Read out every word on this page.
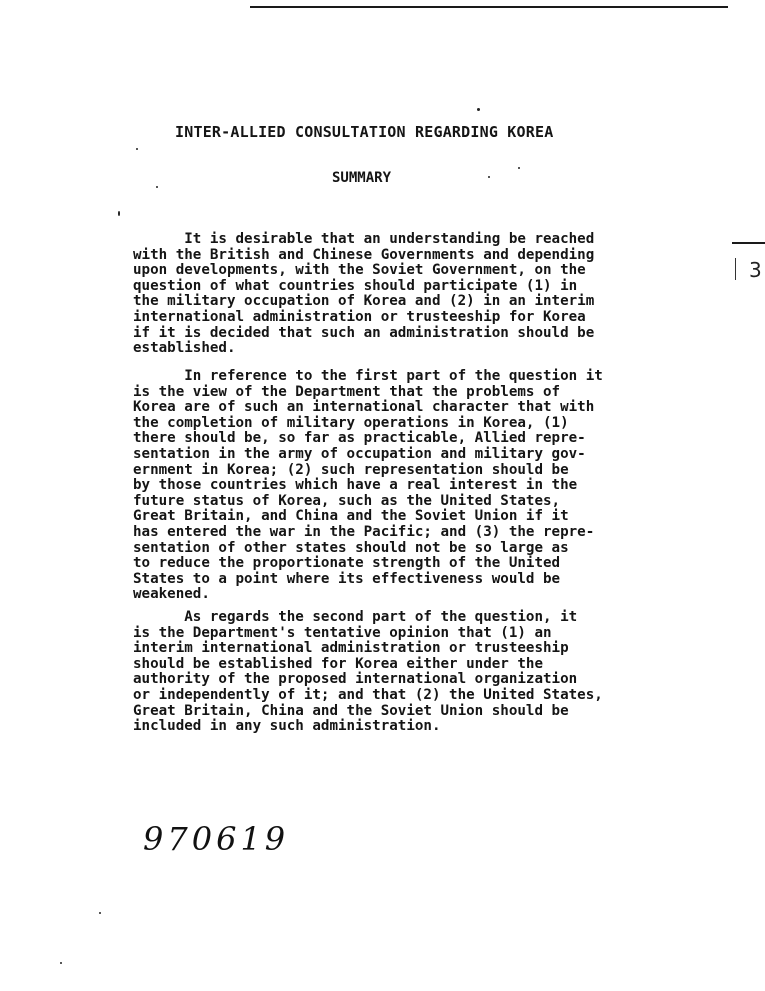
3
INTER-ALLIED CONSULTATION REGARDING KOREA
SUMMARY
It is desirable that an understanding be reached
with the British and Chinese Governments and depending
upon developments, with the Soviet Government, on the
question of what countries should participate (1) in
the military occupation of Korea and (2) in an interim
international administration or trusteeship for Korea
if it is decided that such an administration should be
established.
In reference to the first part of the question it
is the view of the Department that the problems of
Korea are of such an international character that with
the completion of military operations in Korea, (1)
there should be, so far as practicable, Allied repre-
sentation in the army of occupation and military gov-
ernment in Korea; (2) such representation should be
by those countries which have a real interest in the
future status of Korea, such as the United States,
Great Britain, and China and the Soviet Union if it
has entered the war in the Pacific; and (3) the repre-
sentation of other states should not be so large as
to reduce the proportionate strength of the United
States to a point where its effectiveness would be
weakened.
As regards the second part of the question, it
is the Department's tentative opinion that (1) an
interim international administration or trusteeship
should be established for Korea either under the
authority of the proposed international organization
or independently of it; and that (2) the United States,
Great Britain, China and the Soviet Union should be
included in any such administration.
970619
